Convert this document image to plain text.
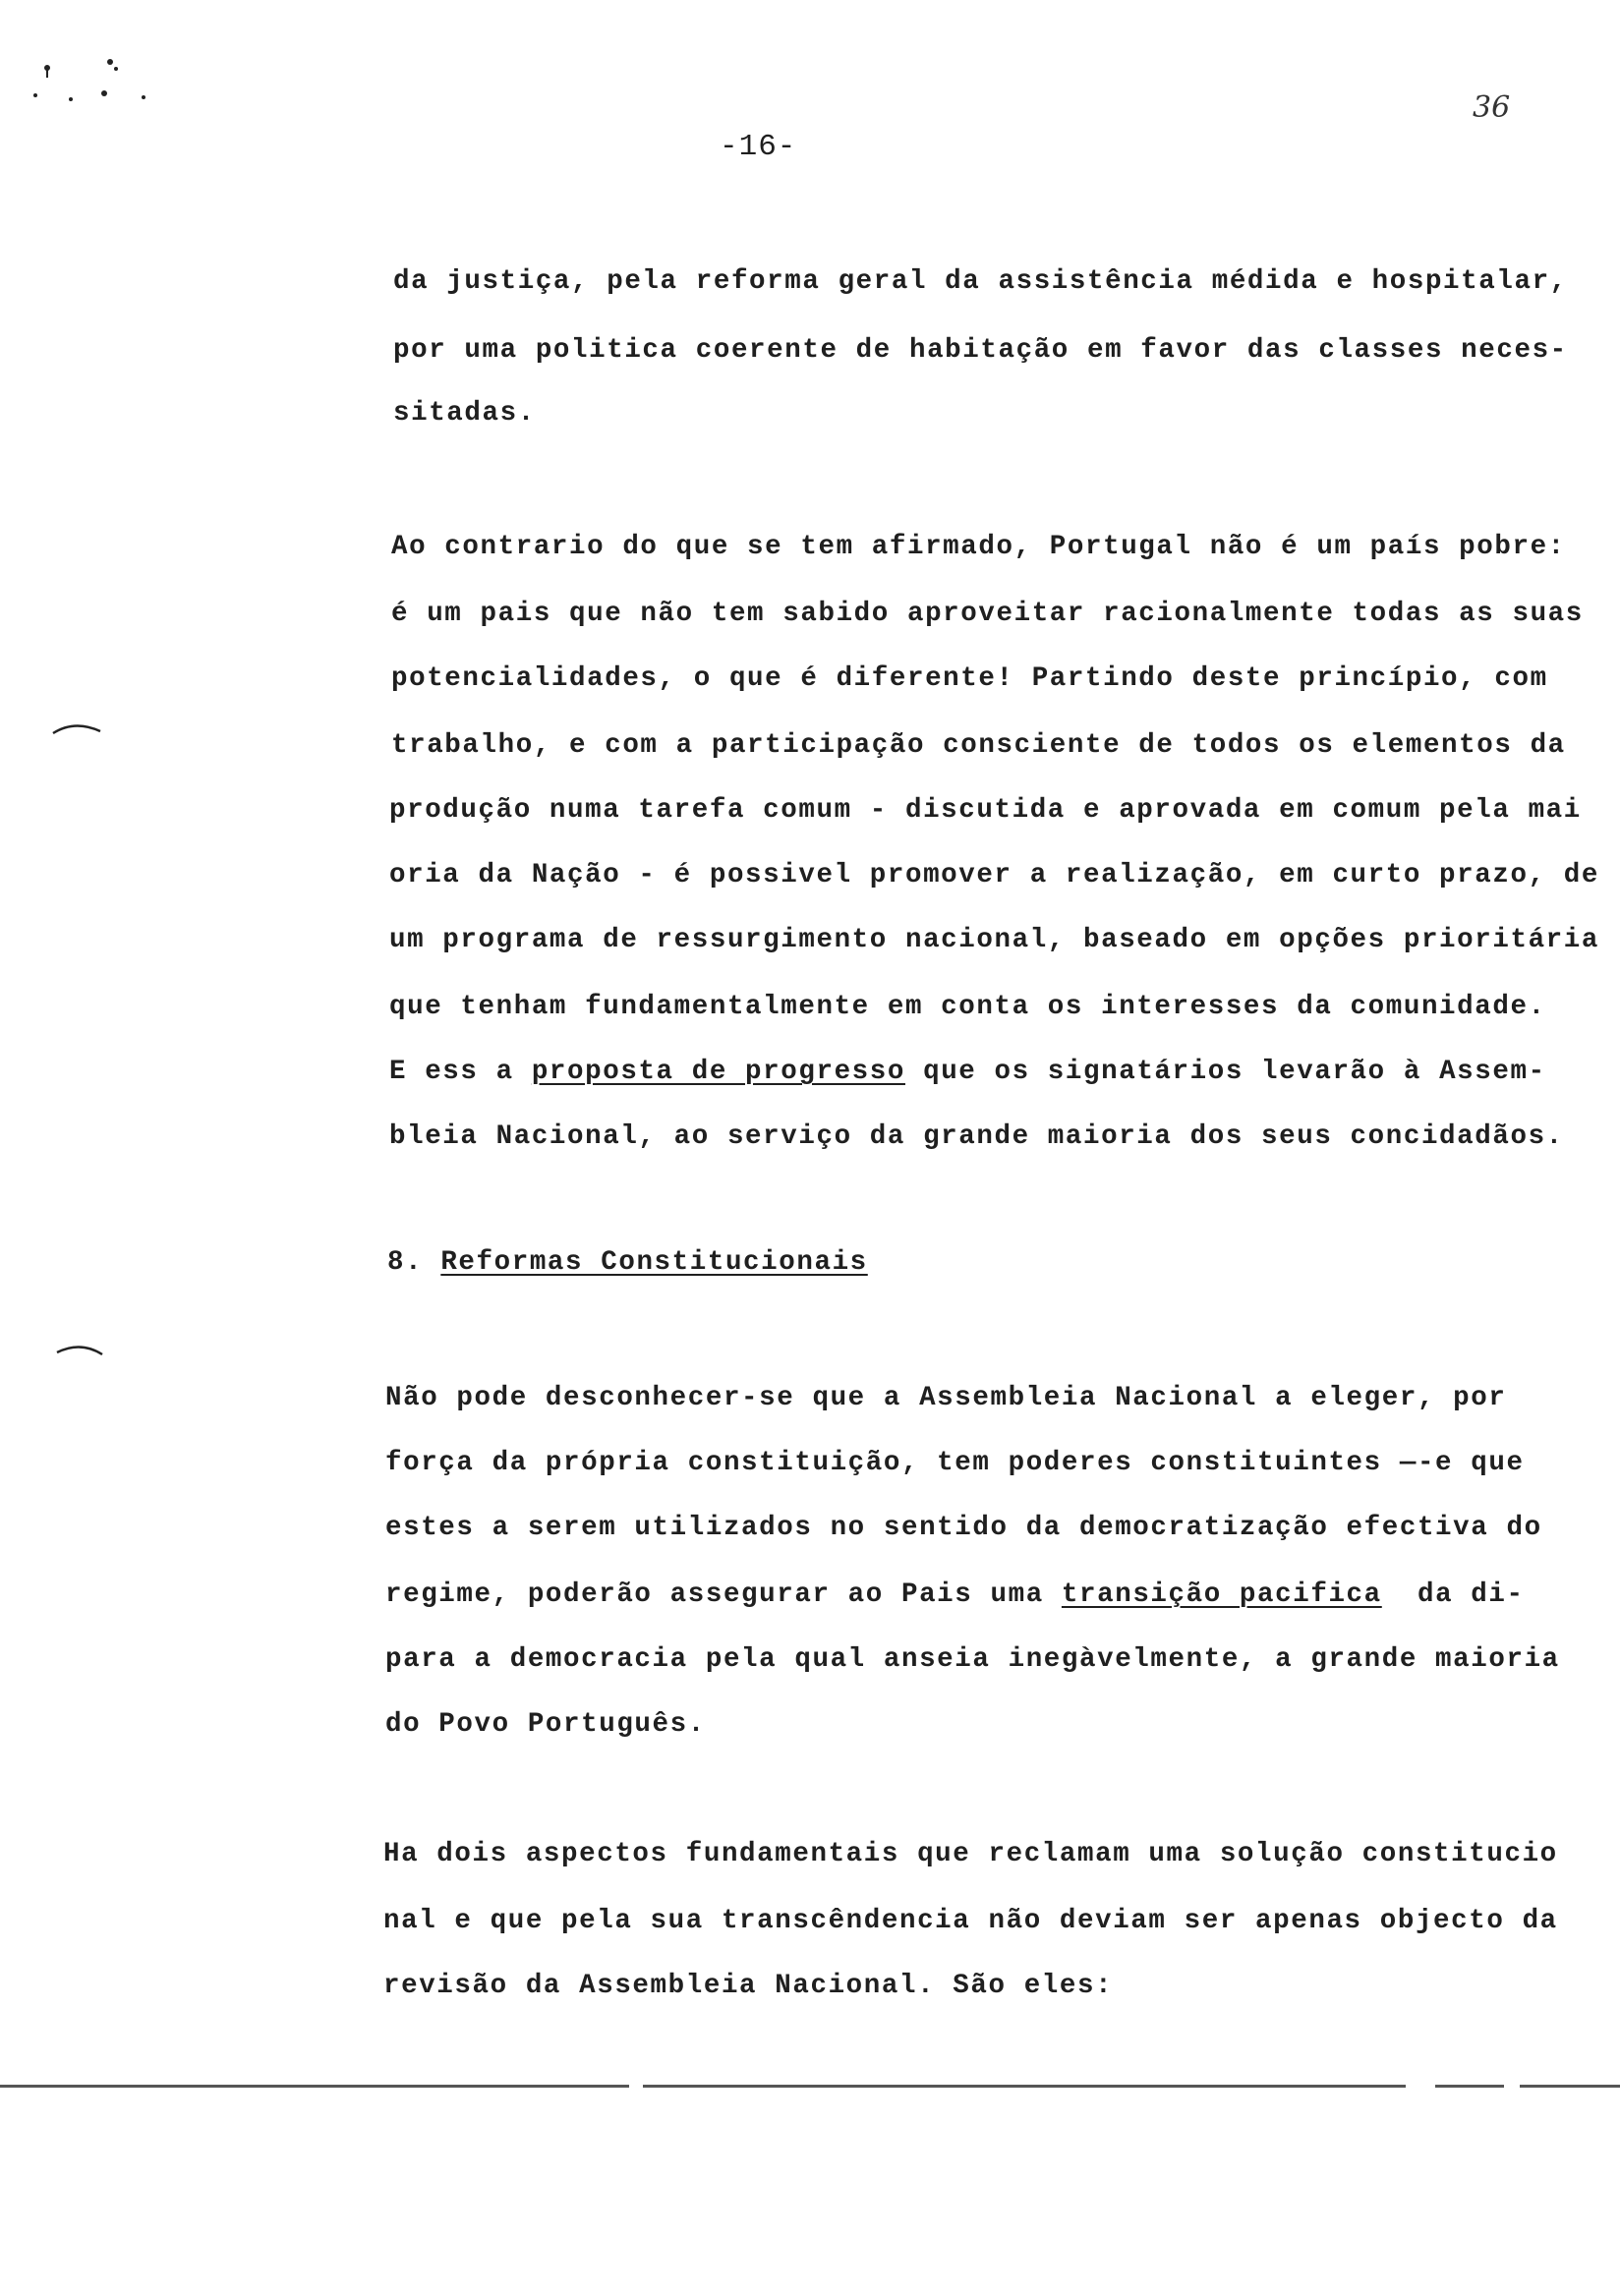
-16-
36
da justiça, pela reforma geral da assistência médida e hospitalar,
por uma politica coerente de habitação em favor das classes neces-
sitadas.
Ao contrario do que se tem afirmado, Portugal não é um país pobre:
é um pais que não tem sabido aproveitar racionalmente todas as suas
potencialidades, o que é diferente! Partindo deste princípio, com
trabalho, e com a participação consciente de todos os elementos da
produção numa tarefa comum - discutida e aprovada em comum pela mai
oria da Nação - é possivel promover a realização, em curto prazo, de
um programa de ressurgimento nacional, baseado em opções prioritária
que tenham fundamentalmente em conta os interesses da comunidade.
E ess a proposta de progresso que os signatários levarão à Assem-
bleia Nacional, ao serviço da grande maioria dos seus concidadãos.
8. Reformas Constitucionais
Não pode desconhecer-se que a Assembleia Nacional a eleger, por
força da própria constituição, tem poderes constituintes —-e que
estes a serem utilizados no sentido da democratização efectiva do
regime, poderão assegurar ao Pais uma transição pacifica  da di-
para a democracia pela qual anseia inegàvelmente, a grande maioria
do Povo Português.
Ha dois aspectos fundamentais que reclamam uma solução constitucio
nal e que pela sua transcêndencia não deviam ser apenas objecto da
revisão da Assembleia Nacional. São eles:
